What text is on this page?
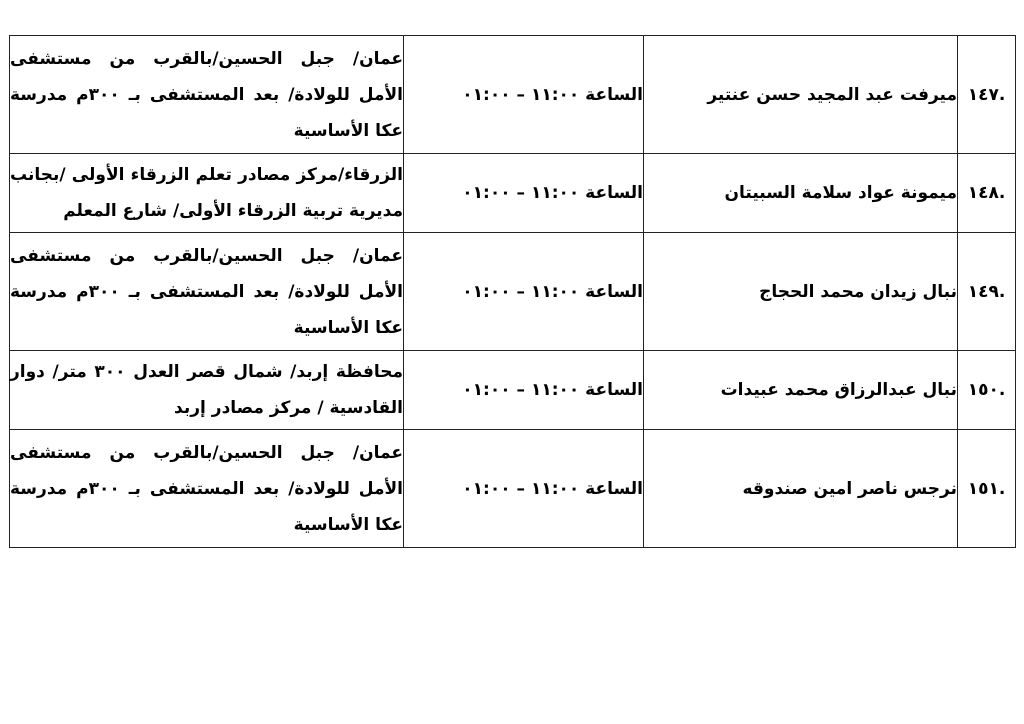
.١٤٧	ميرفت عبد المجيد حسن عنتير	الساعة ١١:٠٠ – ٠١:٠٠	عمان/ جبل الحسين/بالقرب من مستشفى الأمل للولادة/ بعد المستشفى بـ ٣٠٠م مدرسة عكا الأساسية
.١٤٨	ميمونة عواد سلامة السبيتان	الساعة ١١:٠٠ – ٠١:٠٠	الزرقاء/مركز مصادر تعلم الزرقاء الأولى /بجانب مديرية تربية الزرقاء الأولى/ شارع المعلم
.١٤٩	نبال زيدان محمد الحجاج	الساعة ١١:٠٠ – ٠١:٠٠	عمان/ جبل الحسين/بالقرب من مستشفى الأمل للولادة/ بعد المستشفى بـ ٣٠٠م مدرسة عكا الأساسية
.١٥٠	نبال عبدالرزاق محمد عبيدات	الساعة ١١:٠٠ – ٠١:٠٠	محافظة إربد/ شمال قصر العدل ٣٠٠ متر/ دوار القادسية / مركز مصادر إربد
.١٥١	نرجس ناصر امين صندوقه	الساعة ١١:٠٠ – ٠١:٠٠	عمان/ جبل الحسين/بالقرب من مستشفى الأمل للولادة/ بعد المستشفى بـ ٣٠٠م مدرسة عكا الأساسية
